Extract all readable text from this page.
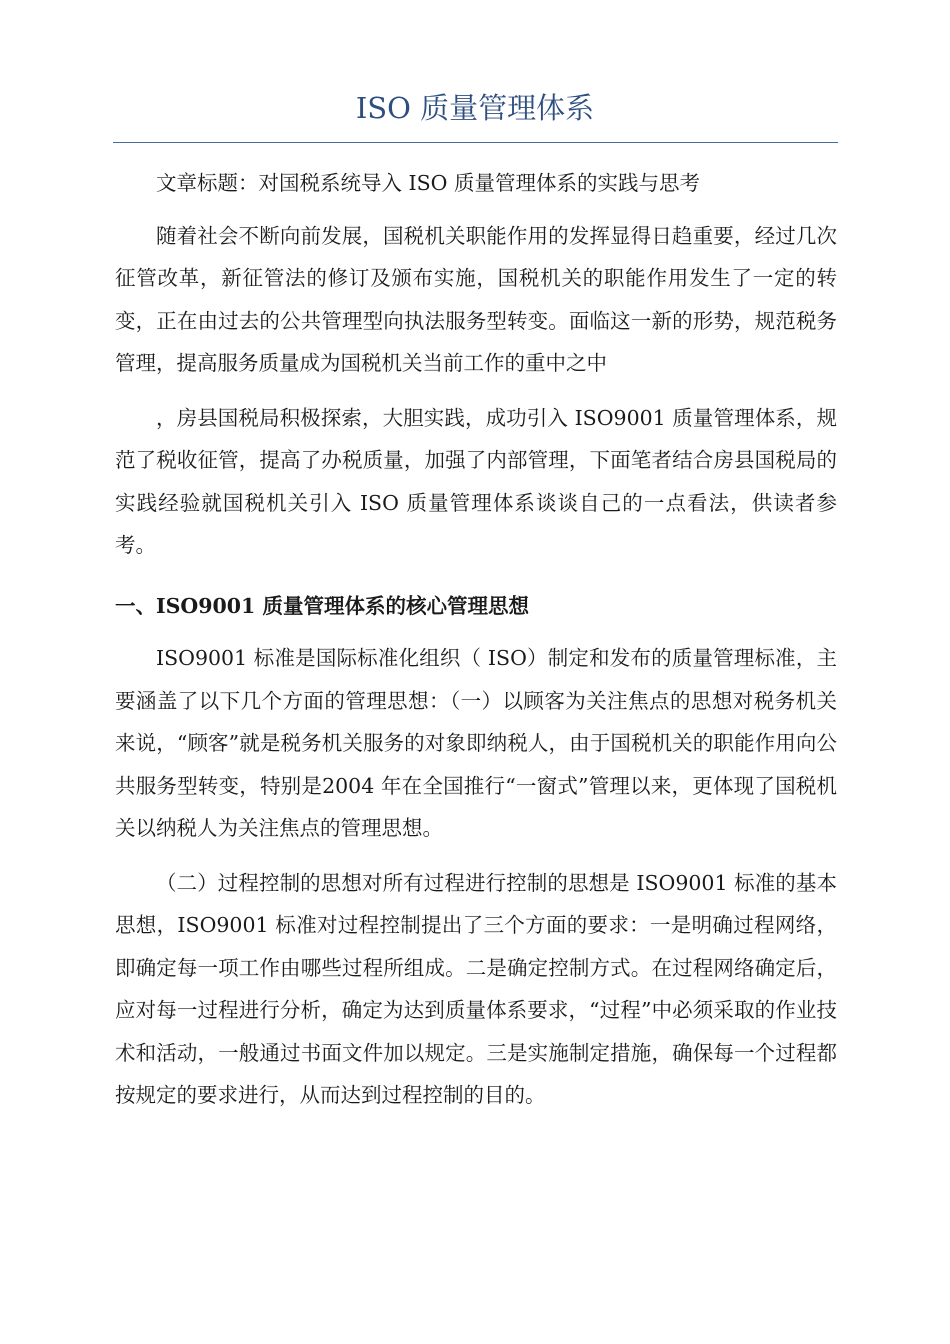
ISO 质量管理体系

文章标题：对国税系统导入 ISO 质量管理体系的实践与思考

随着社会不断向前发展，国税机关职能作用的发挥显得日趋重要，经过几次征管改革，新征管法的修订及颁布实施，国税机关的职能作用发生了一定的转变，正在由过去的公共管理型向执法服务型转变。面临这一新的形势，规范税务管理，提高服务质量成为国税机关当前工作的重中之中

，房县国税局积极探索，大胆实践，成功引入 ISO9001 质量管理体系，规范了税收征管，提高了办税质量，加强了内部管理，下面笔者结合房县国税局的实践经验就国税机关引入 ISO 质量管理体系谈谈自己的一点看法，供读者参考。

一、ISO9001 质量管理体系的核心管理思想

ISO9001 标准是国际标准化组织（ ISO）制定和发布的质量管理标准，主要涵盖了以下几个方面的管理思想：（一）以顾客为关注焦点的思想对税务机关来说，“顾客”就是税务机关服务的对象即纳税人，由于国税机关的职能作用向公共服务型转变，特别是2004 年在全国推行“一窗式”管理以来，更体现了国税机关以纳税人为关注焦点的管理思想。

（二）过程控制的思想对所有过程进行控制的思想是 ISO9001 标准的基本思想，ISO9001 标准对过程控制提出了三个方面的要求：一是明确过程网络，即确定每一项工作由哪些过程所组成。二是确定控制方式。在过程网络确定后，应对每一过程进行分析，确定为达到质量体系要求，“过程”中必须采取的作业技术和活动，一般通过书面文件加以规定。三是实施制定措施，确保每一个过程都按规定的要求进行，从而达到过程控制的目的。
